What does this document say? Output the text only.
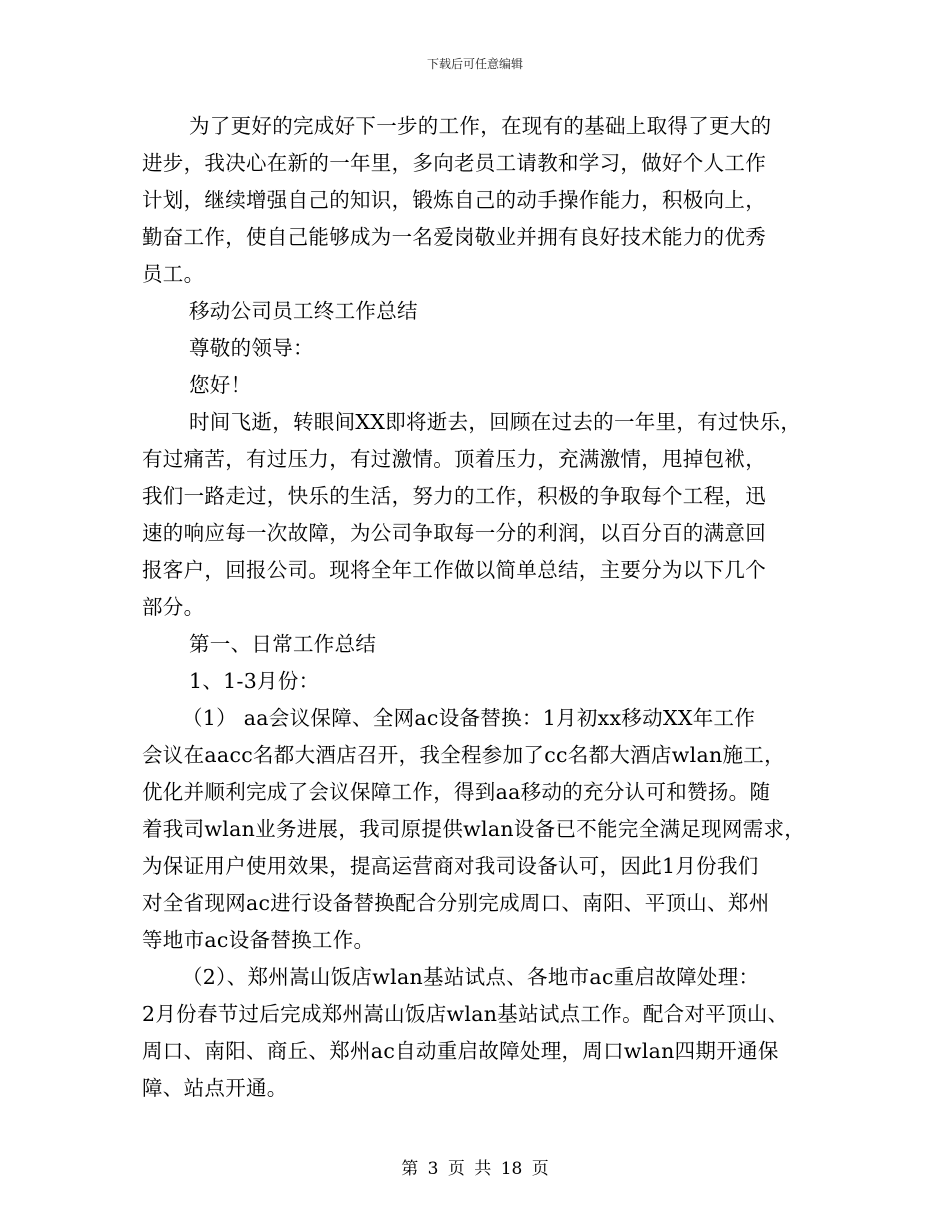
下载后可任意编辑
为了更好的完成好下一步的工作，在现有的基础上取得了更大的
进步，我决心在新的一年里，多向老员工请教和学习，做好个人工作
计划，继续增强自己的知识，锻炼自己的动手操作能力，积极向上，
勤奋工作，使自己能够成为一名爱岗敬业并拥有良好技术能力的优秀
员工。
移动公司员工终工作总结
尊敬的领导：
您好！
时间飞逝，转眼间XX即将逝去，回顾在过去的一年里，有过快乐，
有过痛苦，有过压力，有过激情。顶着压力，充满激情，甩掉包袱，
我们一路走过，快乐的生活，努力的工作，积极的争取每个工程，迅
速的响应每一次故障，为公司争取每一分的利润，以百分百的满意回
报客户，回报公司。现将全年工作做以简单总结，主要分为以下几个
部分。
第一、日常工作总结
1、1-3月份：
（1） aa会议保障、全网ac设备替换：1月初xx移动XX年工作
会议在aacc名都大酒店召开，我全程参加了cc名都大酒店wlan施工，
优化并顺利完成了会议保障工作，得到aa移动的充分认可和赞扬。随
着我司wlan业务进展，我司原提供wlan设备已不能完全满足现网需求，
为保证用户使用效果，提高运营商对我司设备认可，因此1月份我们
对全省现网ac进行设备替换配合分别完成周口、南阳、平顶山、郑州
等地市ac设备替换工作。
（2）、郑州嵩山饭店wlan基站试点、各地市ac重启故障处理：
2月份春节过后完成郑州嵩山饭店wlan基站试点工作。配合对平顶山、
周口、南阳、商丘、郑州ac自动重启故障处理，周口wlan四期开通保
障、站点开通。
第 3 页 共 18 页
